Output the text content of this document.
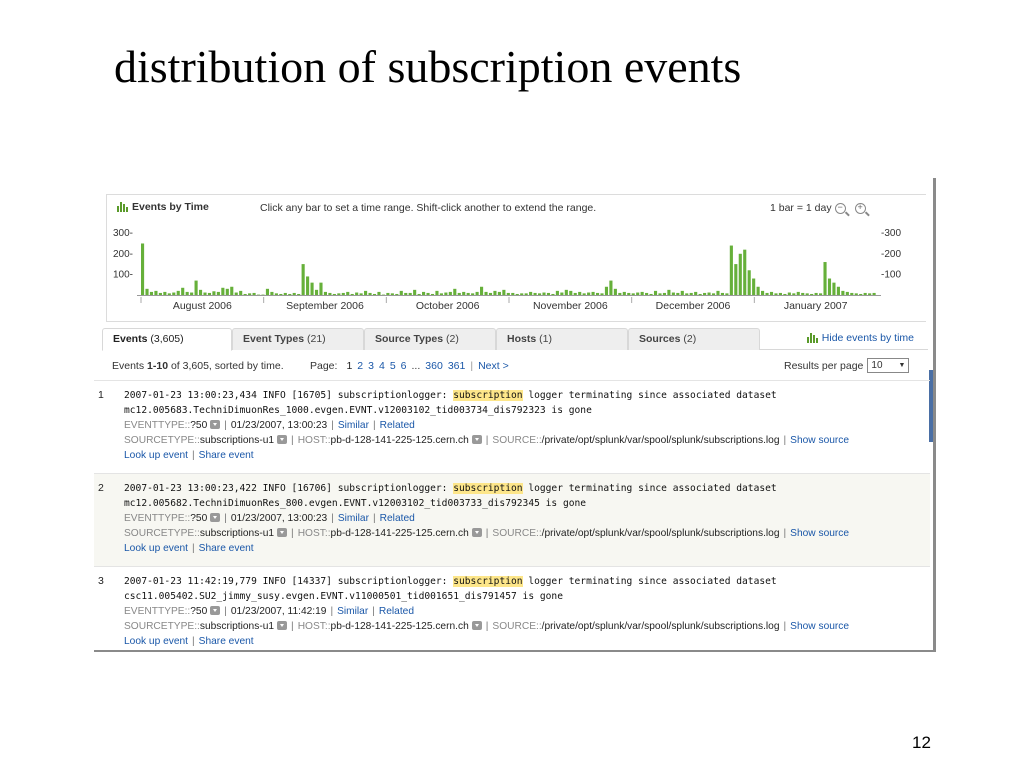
distribution of subscription events
Events by Time	Click any bar to set a time range. Shift-click another to extend the range.	1 bar = 1 day −	+
100-	-100
200-	-200
300-	-300
August 2006	September 2006	October 2006	November 2006	December 2006	January 2007
Events (3,605)	Event Types (21)	Source Types (2)	Hosts (1)	Sources (2)	Hide events by time
Events 1-10 of 3,605, sorted by time.	Page: 1 2 3 4 5 6 ... 360 361 | Next >	Results per page 10 ▼
1 2007-01-23 13:00:23,434 INFO [16705] subscriptionlogger: subscription logger terminating since associated dataset
mc12.005683.TechniDimuonRes_1000.evgen.EVNT.v12003102_tid003734_dis792323 is gone
EVENTTYPE::?50 | 01/23/2007, 13:00:23 | Similar | Related
SOURCETYPE::subscriptions-u1 | HOST::pb-d-128-141-225-125.cern.ch | SOURCE::/private/opt/splunk/var/spool/splunk/subscriptions.log | Show source
Look up event | Share event
2 2007-01-23 13:00:23,422 INFO [16706] subscriptionlogger: subscription logger terminating since associated dataset
mc12.005682.TechniDimuonRes_800.evgen.EVNT.v12003102_tid003733_dis792345 is gone
EVENTTYPE::?50 | 01/23/2007, 13:00:23 | Similar | Related
SOURCETYPE::subscriptions-u1 | HOST::pb-d-128-141-225-125.cern.ch | SOURCE::/private/opt/splunk/var/spool/splunk/subscriptions.log | Show source
Look up event | Share event
3 2007-01-23 11:42:19,779 INFO [14337] subscriptionlogger: subscription logger terminating since associated dataset
csc11.005402.SU2_jimmy_susy.evgen.EVNT.v11000501_tid001651_dis791457 is gone
EVENTTYPE::?50 | 01/23/2007, 11:42:19 | Similar | Related
SOURCETYPE::subscriptions-u1 | HOST::pb-d-128-141-225-125.cern.ch | SOURCE::/private/opt/splunk/var/spool/splunk/subscriptions.log | Show source
Look up event | Share event
12
